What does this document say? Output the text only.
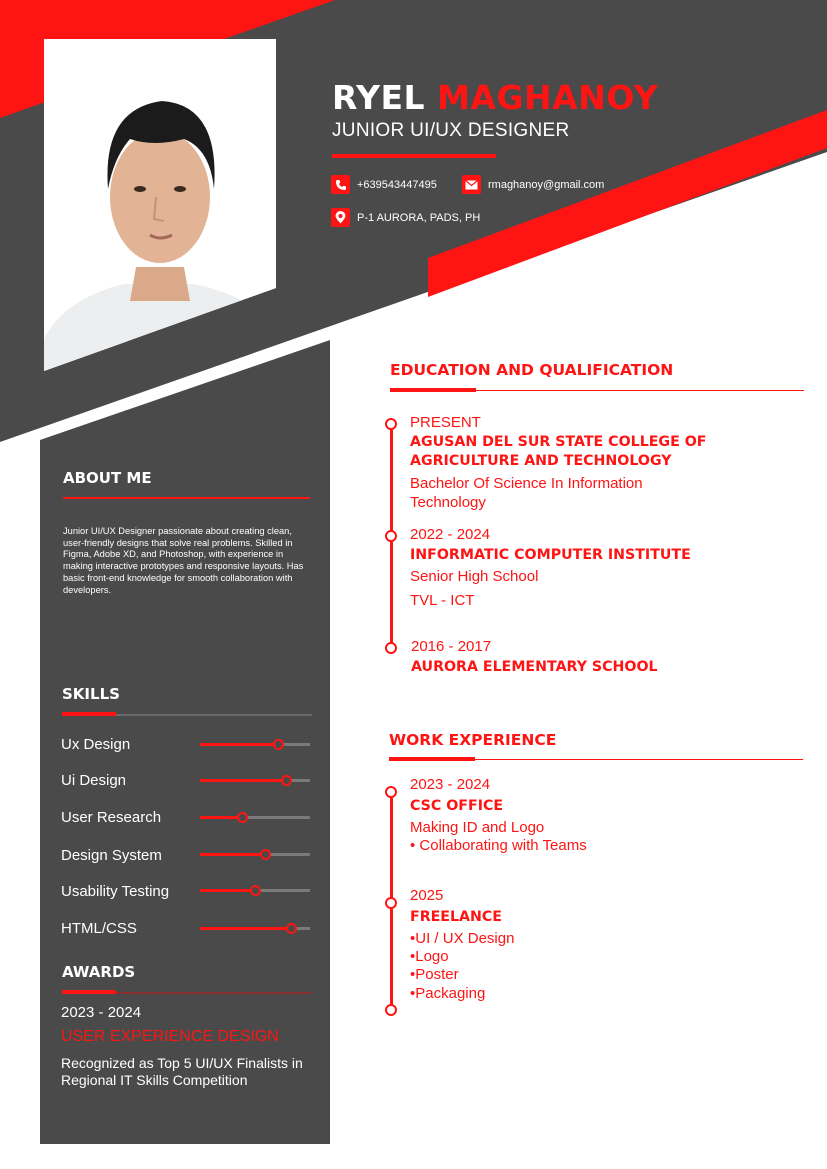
RYEL MAGHANOY
JUNIOR UI/UX DESIGNER
+639543447495	rmaghanoy@gmail.com
P-1 AURORA, PADS, PH
ABOUT ME
Junior UI/UX Designer passionate about creating clean, user-friendly designs that solve real problems. Skilled in Figma, Adobe XD, and Photoshop, with experience in making interactive prototypes and responsive layouts. Has basic front-end knowledge for smooth collaboration with developers.
SKILLS
Ux Design
Ui Design
User Research
Design System
Usability Testing
HTML/CSS
AWARDS
2023 - 2024
USER EXPERIENCE DESIGN
Recognized as Top 5 UI/UX Finalists in Regional IT Skills Competition
EDUCATION AND QUALIFICATION
PRESENT
AGUSAN DEL SUR STATE COLLEGE OF AGRICULTURE AND TECHNOLOGY
Bachelor Of Science In Information Technology
2022 - 2024
INFORMATIC COMPUTER INSTITUTE
Senior High School
TVL - ICT
2016 - 2017
AURORA ELEMENTARY SCHOOL
WORK EXPERIENCE
2023 - 2024
CSC OFFICE
Making ID and Logo
• Collaborating with Teams
2025
FREELANCE
•UI / UX Design
•Logo
•Poster
•Packaging
